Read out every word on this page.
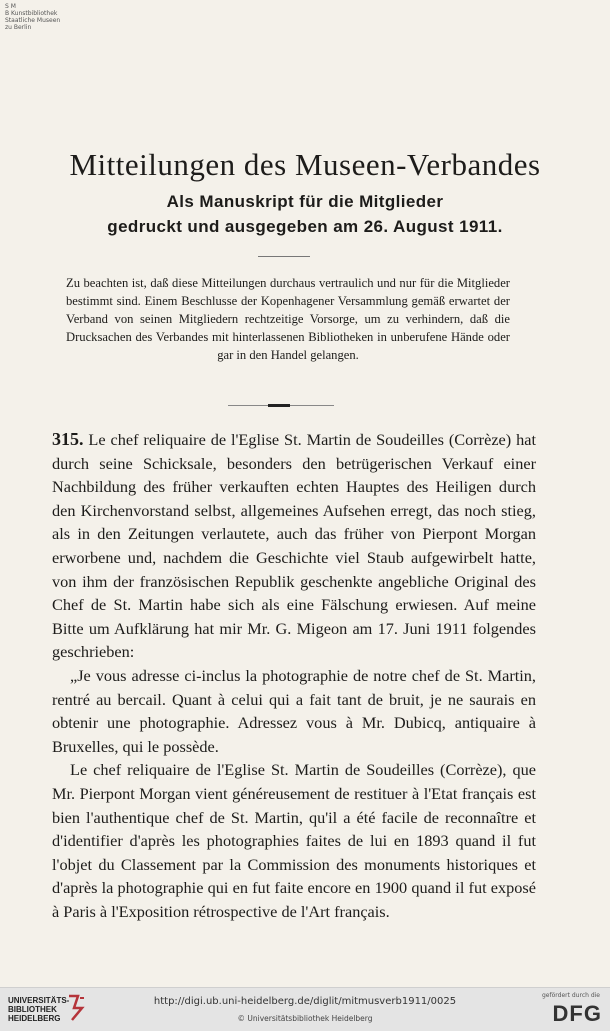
S M
B Kunstbibliothek
Staatliche Museen
zu Berlin
Mitteilungen des Museen-Verbandes
Als Manuskript für die Mitglieder
gedruckt und ausgegeben am 26. August 1911.
Zu beachten ist, daß diese Mitteilungen durchaus vertraulich und nur für die Mitglieder bestimmt sind. Einem Beschlusse der Kopenhagener Versammlung gemäß erwartet der Verband von seinen Mitgliedern rechtzeitige Vorsorge, um zu verhindern, daß die Drucksachen des Verbandes mit hinterlassenen Bibliotheken in unberufene Hände oder gar in den Handel gelangen.

315. Le chef reliquaire de l'Eglise St. Martin de Soudeilles (Corrèze) hat durch seine Schicksale, besonders den betrügerischen Verkauf einer Nachbildung des früher verkauften echten Hauptes des Heiligen durch den Kirchenvorstand selbst, allgemeines Aufsehen erregt, das noch stieg, als in den Zeitungen verlautete, auch das früher von Pierpont Morgan erworbene und, nachdem die Geschichte viel Staub aufgewirbelt hatte, von ihm der französischen Republik geschenkte angebliche Original des Chef de St. Martin habe sich als eine Fälschung erwiesen. Auf meine Bitte um Aufklärung hat mir Mr. G. Migeon am 17. Juni 1911 folgendes geschrieben:

„Je vous adresse ci-inclus la photographie de notre chef de St. Martin, rentré au bercail. Quant à celui qui a fait tant de bruit, je ne saurais en obtenir une photographie. Adressez vous à Mr. Dubicq, antiquaire à Bruxelles, qui le possède.

Le chef reliquaire de l'Eglise St. Martin de Soudeilles (Corrèze), que Mr. Pierpont Morgan vient généreusement de restituer à l'Etat français est bien l'authentique chef de St. Martin, qu'il a été facile de reconnaître et d'identifier d'après les photographies faites de lui en 1893 quand il fut l'objet du Classement par la Commission des monuments historiques et d'après la photographie qui en fut faite encore en 1900 quand il fut exposé à Paris à l'Exposition rétrospective de l'Art français.

UNIVERSITÄTS-
BIBLIOTHEK
HEIDELBERG
http://digi.ub.uni-heidelberg.de/diglit/mitmusverb1911/0025
© Universitätsbibliothek Heidelberg
gefördert durch die
DFG
